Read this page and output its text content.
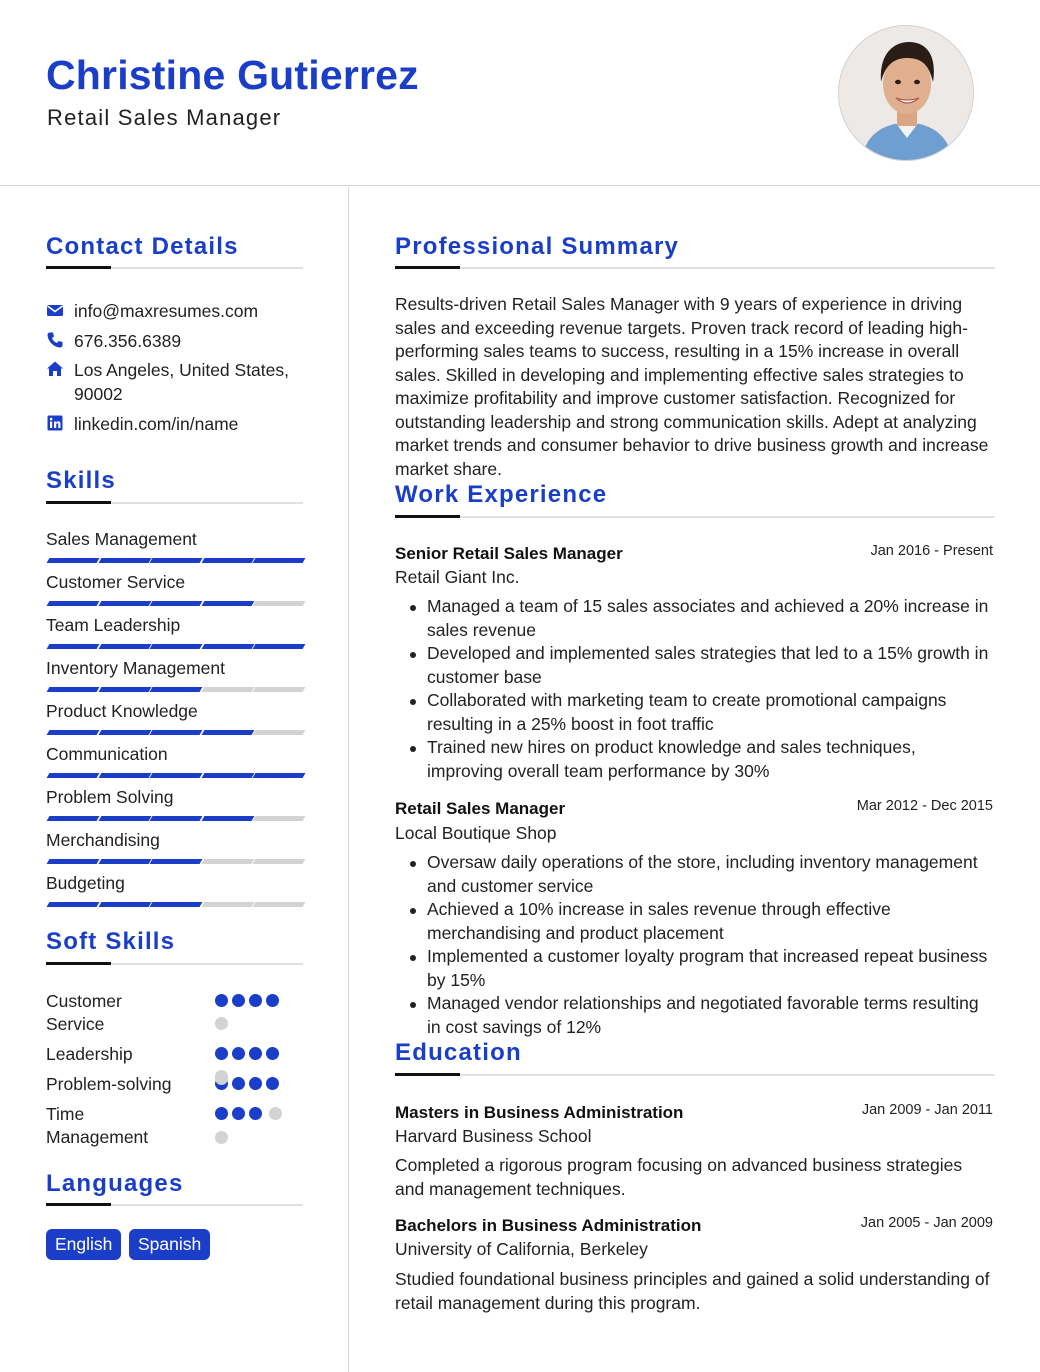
Christine Gutierrez
Retail Sales Manager
Contact Details
info@maxresumes.com
676.356.6389
Los Angeles, United States, 90002
linkedin.com/in/name
Skills
Sales Management
Customer Service
Team Leadership
Inventory Management
Product Knowledge
Communication
Problem Solving
Merchandising
Budgeting
Soft Skills
Customer Service
Leadership
Problem-solving
Time Management
Languages
English	Spanish
Professional Summary
Results-driven Retail Sales Manager with 9 years of experience in driving sales and exceeding revenue targets. Proven track record of leading high-performing sales teams to success, resulting in a 15% increase in overall sales. Skilled in developing and implementing effective sales strategies to maximize profitability and improve customer satisfaction. Recognized for outstanding leadership and strong communication skills. Adept at analyzing market trends and consumer behavior to drive business growth and increase market share.
Work Experience
Senior Retail Sales Manager	Jan 2016 - Present
Retail Giant Inc.
Managed a team of 15 sales associates and achieved a 20% increase in sales revenue
Developed and implemented sales strategies that led to a 15% growth in customer base
Collaborated with marketing team to create promotional campaigns resulting in a 25% boost in foot traffic
Trained new hires on product knowledge and sales techniques, improving overall team performance by 30%
Retail Sales Manager	Mar 2012 - Dec 2015
Local Boutique Shop
Oversaw daily operations of the store, including inventory management and customer service
Achieved a 10% increase in sales revenue through effective merchandising and product placement
Implemented a customer loyalty program that increased repeat business by 15%
Managed vendor relationships and negotiated favorable terms resulting in cost savings of 12%
Education
Masters in Business Administration	Jan 2009 - Jan 2011
Harvard Business School
Completed a rigorous program focusing on advanced business strategies and management techniques.
Bachelors in Business Administration	Jan 2005 - Jan 2009
University of California, Berkeley
Studied foundational business principles and gained a solid understanding of retail management during this program.
